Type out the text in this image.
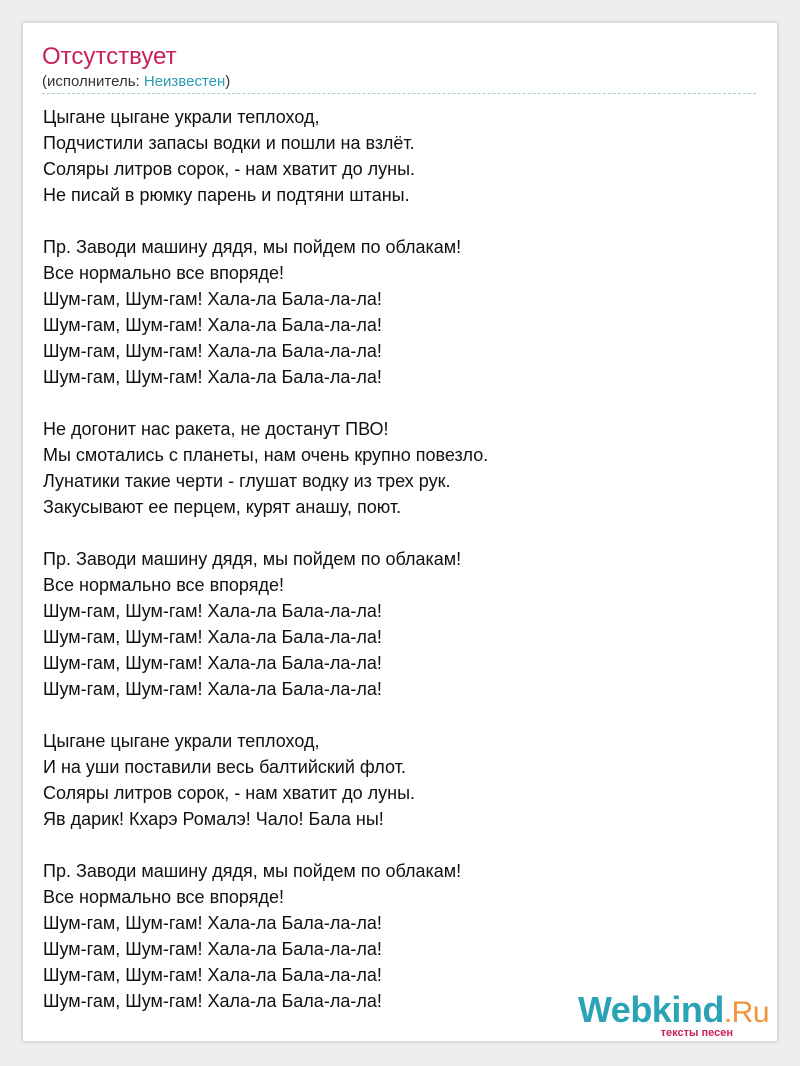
Отсутствует
(исполнитель: Неизвестен)
Цыгане цыгане украли теплоход,
Подчистили запасы водки и пошли на взлёт.
Соляры литров сорок, - нам хватит до луны.
Не писай в рюмку парень и подтяни штаны.
Пр. Заводи машину дядя, мы пойдем по облакам!
Все нормально все впоряде!
Шум-гам, Шум-гам! Хала-ла Бала-ла-ла!
Шум-гам, Шум-гам! Хала-ла Бала-ла-ла!
Шум-гам, Шум-гам! Хала-ла Бала-ла-ла!
Шум-гам, Шум-гам! Хала-ла Бала-ла-ла!
Не догонит нас ракета, не достанут ПВО!
Мы смотались с планеты, нам очень крупно повезло.
Лунатики такие черти - глушат водку из трех рук.
Закусывают ее перцем, курят анашу, поют.
Пр. Заводи машину дядя, мы пойдем по облакам!
Все нормально все впоряде!
Шум-гам, Шум-гам! Хала-ла Бала-ла-ла!
Шум-гам, Шум-гам! Хала-ла Бала-ла-ла!
Шум-гам, Шум-гам! Хала-ла Бала-ла-ла!
Шум-гам, Шум-гам! Хала-ла Бала-ла-ла!
Цыгане цыгане украли теплоход,
И на уши поставили весь балтийский флот.
Соляры литров сорок, - нам хватит до луны.
Яв дарик! Кхарэ Ромалэ! Чало! Бала ны!
Пр. Заводи машину дядя, мы пойдем по облакам!
Все нормально все впоряде!
Шум-гам, Шум-гам! Хала-ла Бала-ла-ла!
Шум-гам, Шум-гам! Хала-ла Бала-ла-ла!
Шум-гам, Шум-гам! Хала-ла Бала-ла-ла!
Шум-гам, Шум-гам! Хала-ла Бала-ла-ла!	Webkind.Ru
тексты песен
